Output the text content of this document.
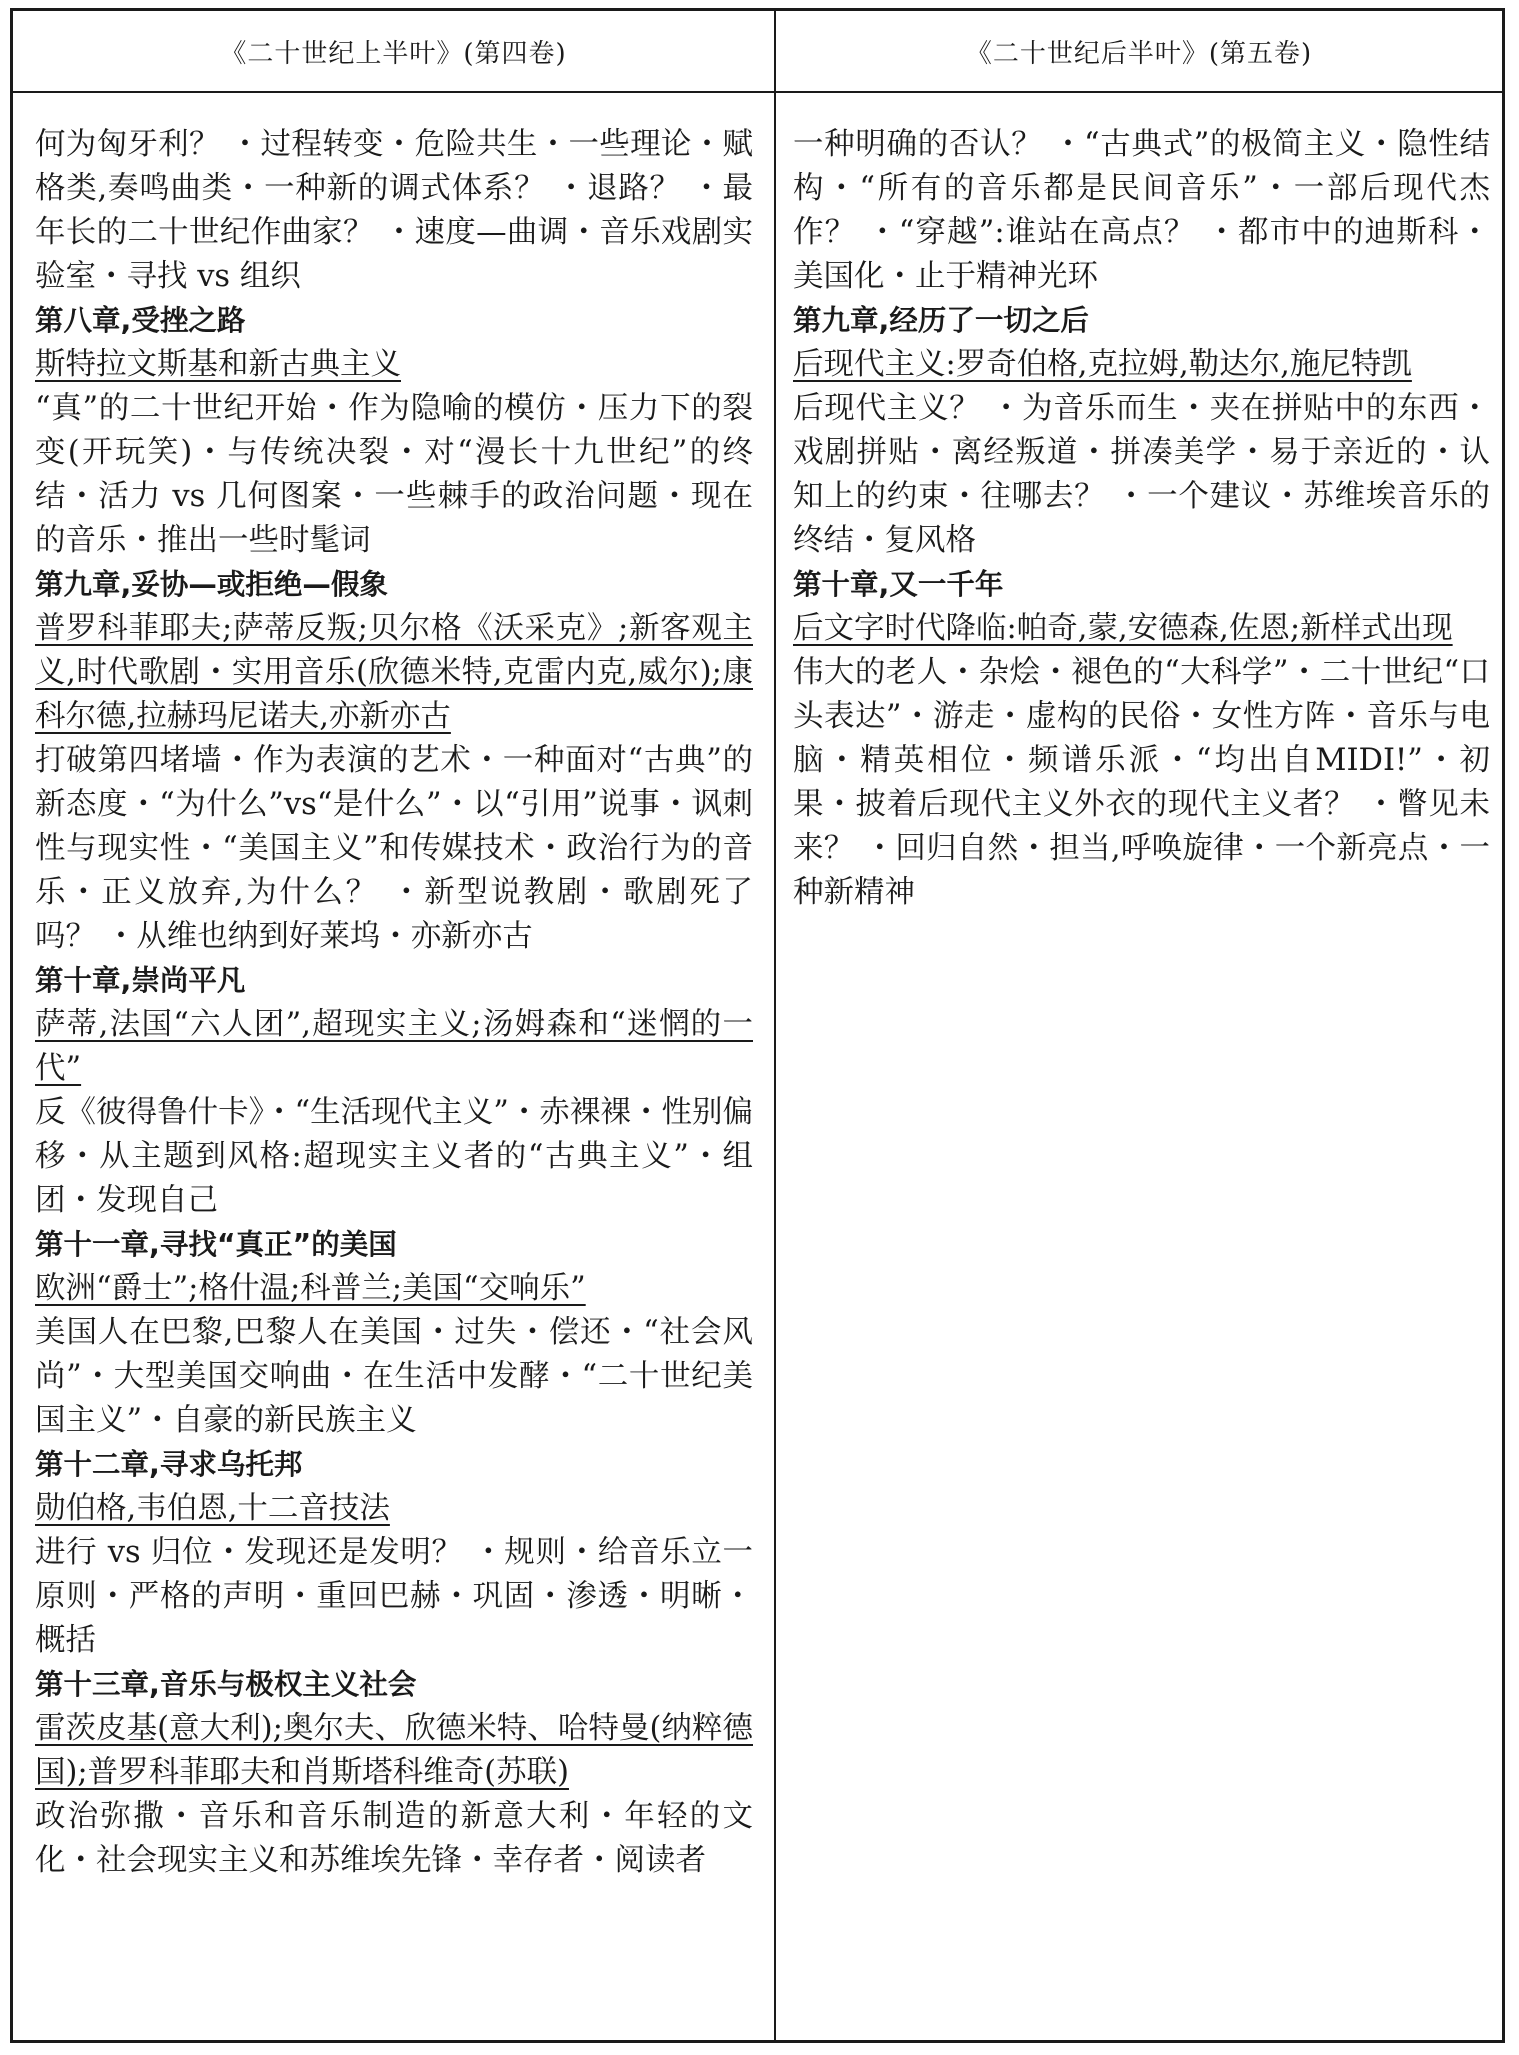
《二十世纪上半叶》(第四卷)	《二十世纪后半叶》(第五卷)

何为匈牙利？ ・过程转变・危险共生・一些理论・赋格类,奏鸣曲类・一种新的调式体系？ ・退路？ ・最年长的二十世纪作曲家？ ・速度—曲调・音乐戏剧实验室・寻找 vs 组织

第八章,受挫之路

斯特拉文斯基和新古典主义

“真”的二十世纪开始・作为隐喻的模仿・压力下的裂变(开玩笑)・与传统决裂・对“漫长十九世纪”的终结・活力 vs 几何图案・一些棘手的政治问题・现在的音乐・推出一些时髦词

第九章,妥协—或拒绝—假象

普罗科菲耶夫;萨蒂反叛;贝尔格《沃采克》;新客观主义,时代歌剧・实用音乐(欣德米特,克雷内克,威尔);康科尔德,拉赫玛尼诺夫,亦新亦古

打破第四堵墙・作为表演的艺术・一种面对“古典”的新态度・“为什么”vs“是什么”・以“引用”说事・讽刺性与现实性・“美国主义”和传媒技术・政治行为的音乐・正义放弃,为什么？ ・新型说教剧・歌剧死了吗？ ・从维也纳到好莱坞・亦新亦古

第十章,崇尚平凡

萨蒂,法国“六人团”,超现实主义;汤姆森和“迷惘的一代”

反《彼得鲁什卡》・“生活现代主义”・赤裸裸・性别偏移・从主题到风格:超现实主义者的“古典主义”・组团・发现自己

第十一章,寻找“真正”的美国

欧洲“爵士”;格什温;科普兰;美国“交响乐”

美国人在巴黎,巴黎人在美国・过失・偿还・“社会风尚”・大型美国交响曲・在生活中发酵・“二十世纪美国主义”・自豪的新民族主义

第十二章,寻求乌托邦

勋伯格,韦伯恩,十二音技法

进行 vs 归位・发现还是发明？ ・规则・给音乐立一原则・严格的声明・重回巴赫・巩固・渗透・明晰・概括

第十三章,音乐与极权主义社会

雷茨皮基(意大利);奥尔夫、欣德米特、哈特曼(纳粹德国);普罗科菲耶夫和肖斯塔科维奇(苏联)

政治弥撒・音乐和音乐制造的新意大利・年轻的文化・社会现实主义和苏维埃先锋・幸存者・阅读者

一种明确的否认？ ・“古典式”的极简主义・隐性结构・“所有的音乐都是民间音乐”・一部后现代杰作？ ・“穿越”:谁站在高点？ ・都市中的迪斯科・美国化・止于精神光环

第九章,经历了一切之后

后现代主义:罗奇伯格,克拉姆,勒达尔,施尼特凯

后现代主义？ ・为音乐而生・夹在拼贴中的东西・戏剧拼贴・离经叛道・拼凑美学・易于亲近的・认知上的约束・往哪去？ ・一个建议・苏维埃音乐的终结・复风格

第十章,又一千年

后文字时代降临:帕奇,蒙,安德森,佐恩;新样式出现

伟大的老人・杂烩・褪色的“大科学”・二十世纪“口头表达”・游走・虚构的民俗・女性方阵・音乐与电脑・精英相位・频谱乐派・“均出自MIDI!”・初果・披着后现代主义外衣的现代主义者？ ・瞥见未来？ ・回归自然・担当,呼唤旋律・一个新亮点・一种新精神
